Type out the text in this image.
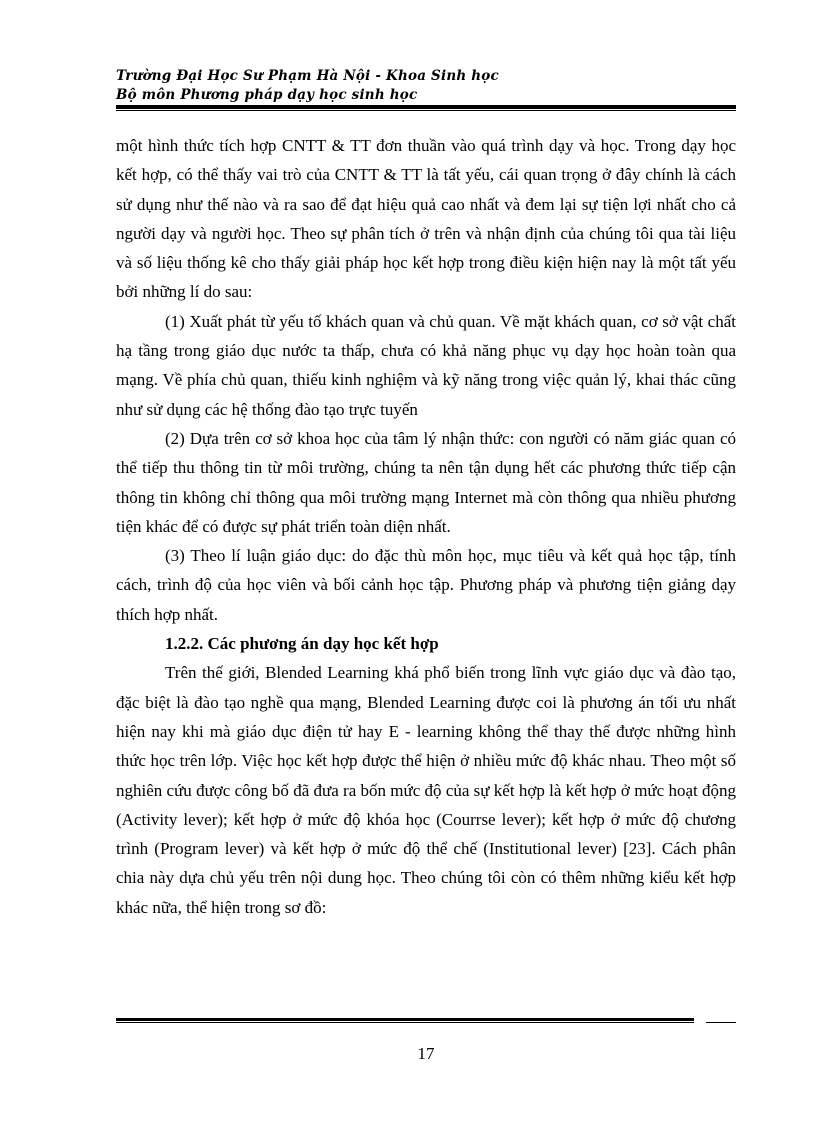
Trường Đại Học Sư Phạm Hà Nội - Khoa Sinh học
Bộ môn Phương pháp dạy học sinh học

một hình thức tích hợp CNTT & TT đơn thuần vào quá trình dạy và học. Trong dạy học kết hợp, có thể thấy vai trò của CNTT & TT là tất yếu, cái quan trọng ở đây chính là cách sử dụng như thế nào và ra sao để đạt hiệu quả cao nhất và đem lại sự tiện lợi nhất cho cả người dạy và người học. Theo sự phân tích ở trên và nhận định của chúng tôi qua tài liệu và số liệu thống kê cho thấy giải pháp học kết hợp trong điều kiện hiện nay là một tất yếu bởi những lí do sau:

(1) Xuất phát từ yếu tố khách quan và chủ quan. Về mặt khách quan, cơ sở vật chất hạ tầng trong giáo dục nước ta thấp, chưa có khả năng phục vụ dạy học hoàn toàn qua mạng. Về phía chủ quan, thiếu kinh nghiệm và kỹ năng trong việc quản lý, khai thác cũng như sử dụng các hệ thống đào tạo trực tuyến

(2) Dựa trên cơ sở khoa học của tâm lý nhận thức: con người có năm giác quan có thể tiếp thu thông tin từ môi trường, chúng ta nên tận dụng hết các phương thức tiếp cận thông tin không chỉ thông qua môi trường mạng Internet mà còn thông qua nhiều phương tiện khác để có được sự phát triển toàn diện nhất.

(3) Theo lí luận giáo dục: do đặc thù môn học, mục tiêu và kết quả học tập, tính cách, trình độ của học viên và bối cảnh học tập. Phương pháp và phương tiện giảng dạy thích hợp nhất.

1.2.2. Các phương án dạy học kết hợp

Trên thế giới, Blended Learning khá phổ biến trong lĩnh vực giáo dục và đào tạo, đặc biệt là đào tạo nghề qua mạng, Blended Learning được coi là phương án tối ưu nhất hiện nay khi mà giáo dục điện tử hay E - learning không thể thay thế được những hình thức học trên lớp. Việc học kết hợp được thể hiện ở nhiều mức độ khác nhau. Theo một số nghiên cứu được công bố đã đưa ra bốn mức độ của sự kết hợp là kết hợp ở mức hoạt động (Activity lever); kết hợp ở mức độ khóa học (Courrse lever); kết hợp ở mức độ chương trình (Program lever) và kết hợp ở mức độ thể chế (Institutional lever) [23]. Cách phân chia này dựa chủ yếu trên nội dung học. Theo chúng tôi còn có thêm những kiểu kết hợp khác nữa, thể hiện trong sơ đồ:

17
